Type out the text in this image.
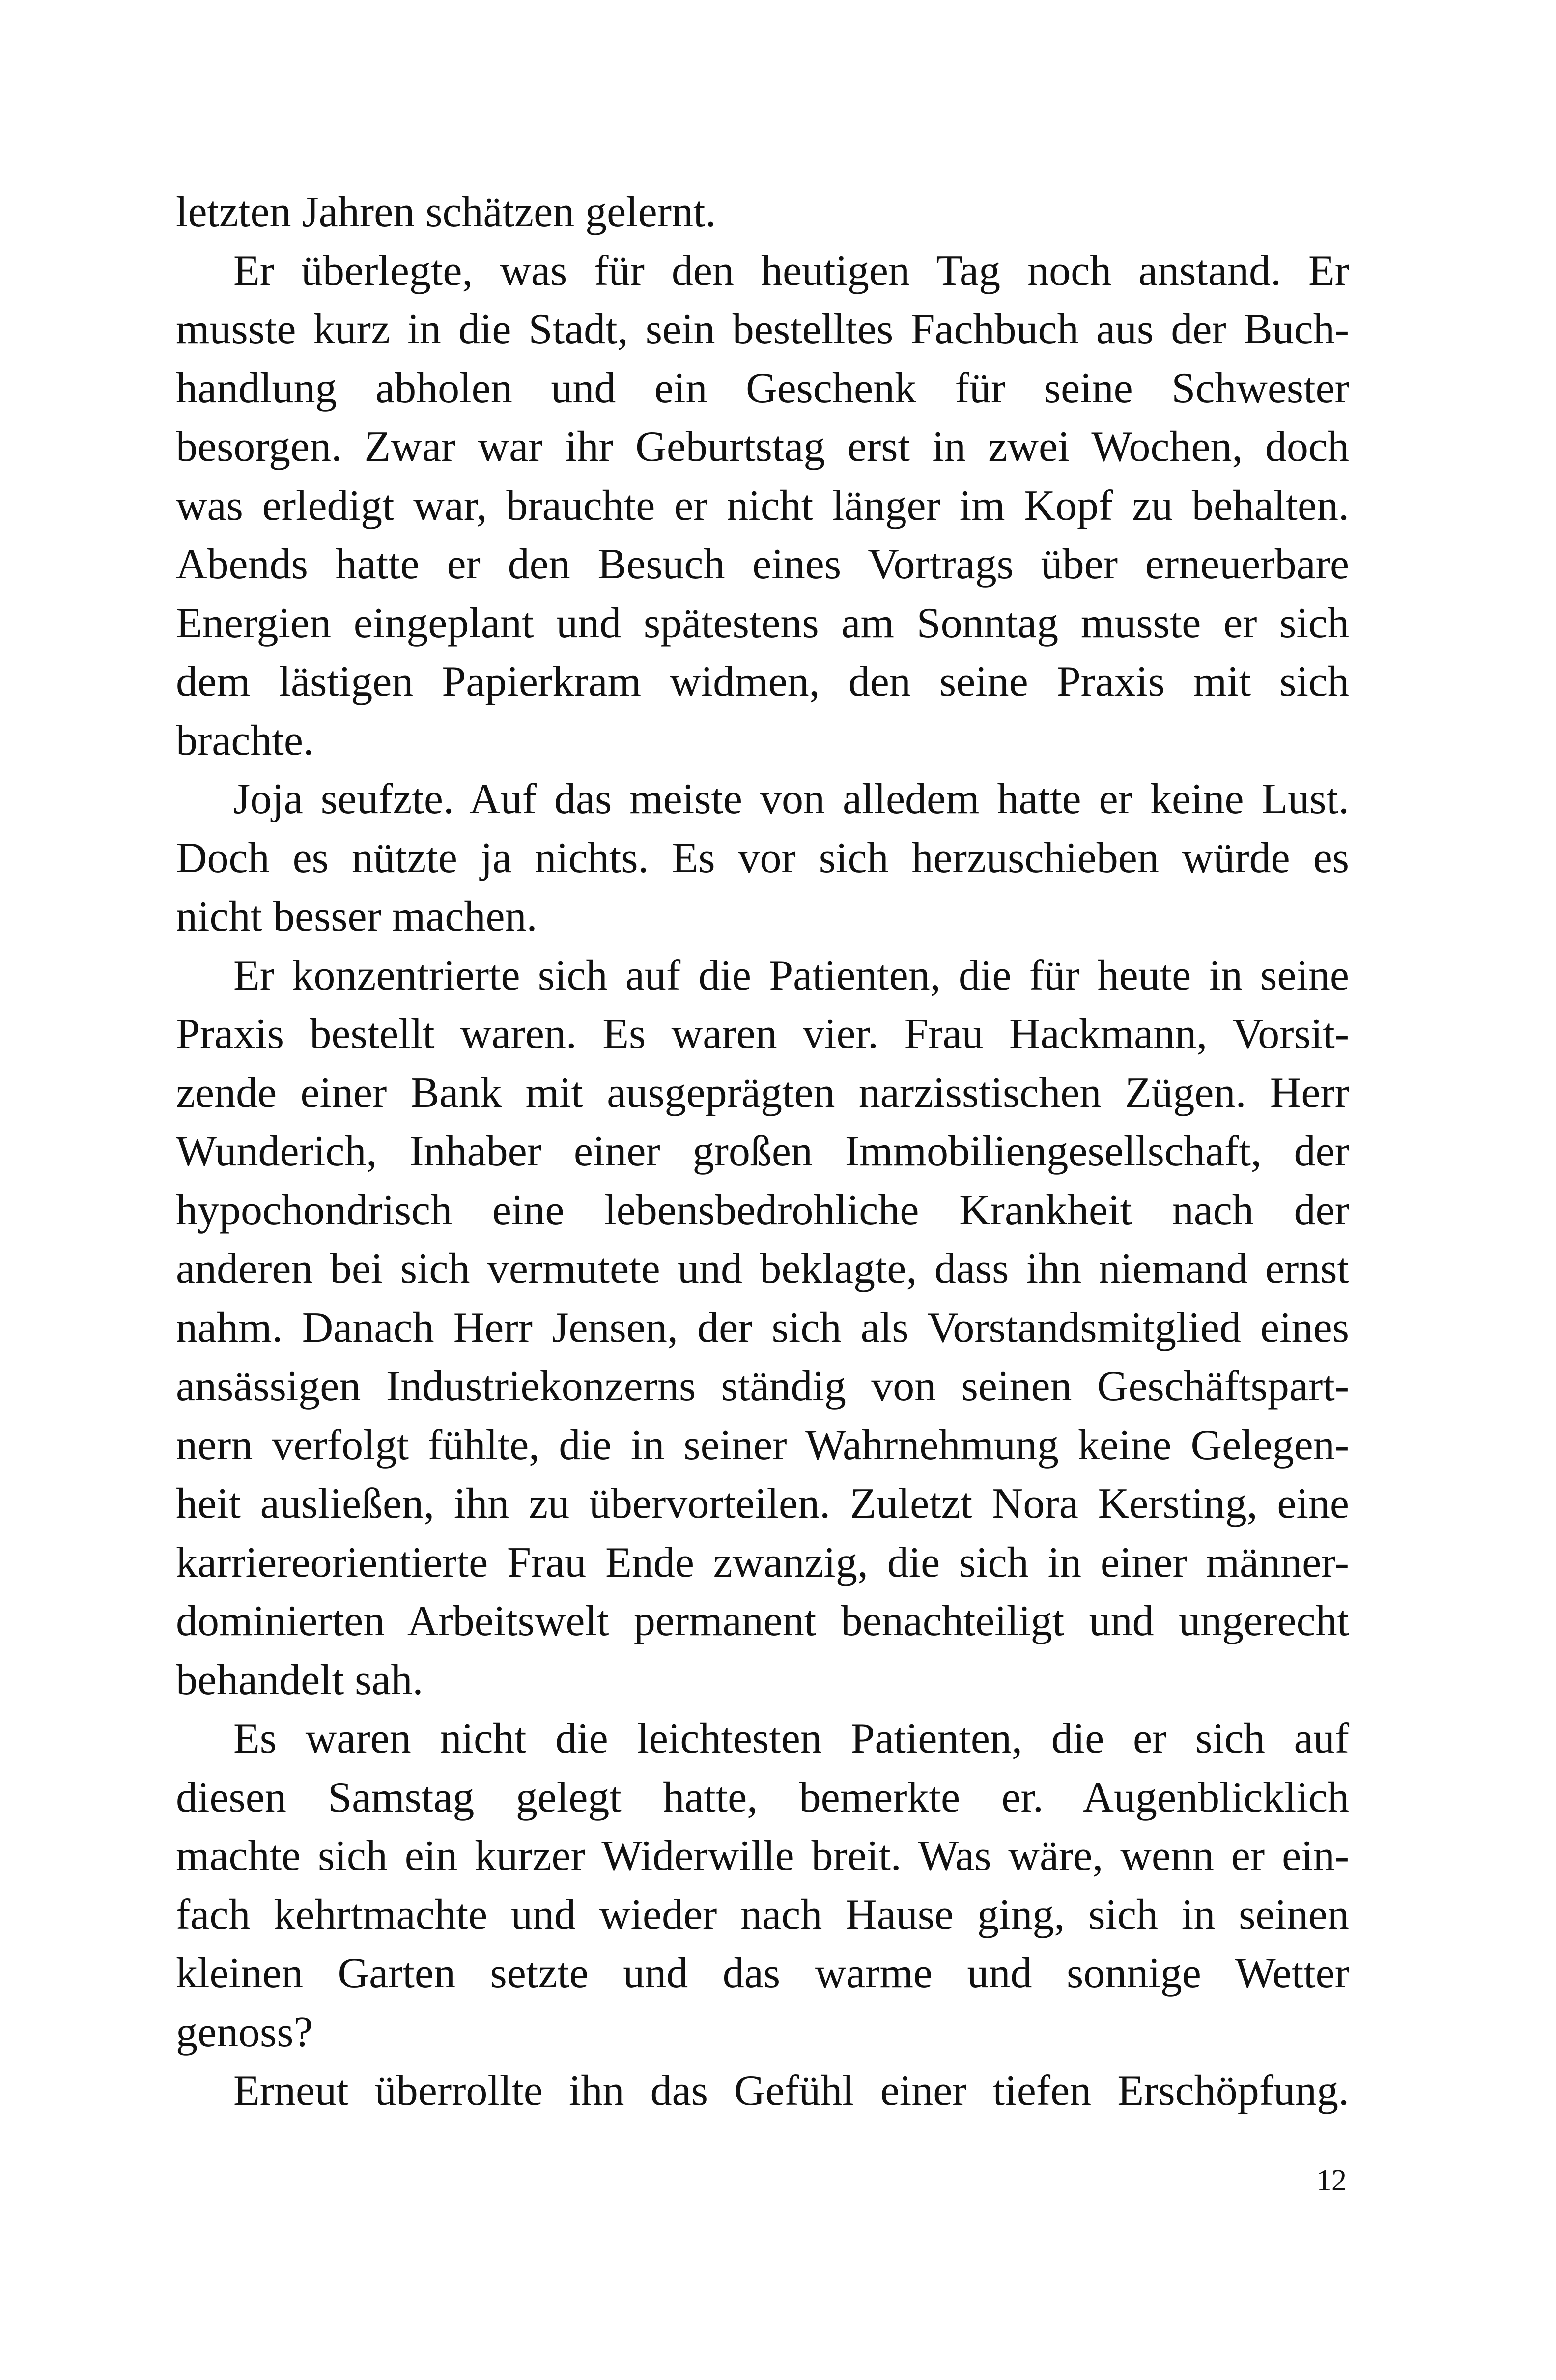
letzten Jahren schätzen gelernt.
Er überlegte, was für den heutigen Tag noch anstand. Er
musste kurz in die Stadt, sein bestelltes Fachbuch aus der Buch-
handlung abholen und ein Geschenk für seine Schwester
besorgen. Zwar war ihr Geburtstag erst in zwei Wochen, doch
was erledigt war, brauchte er nicht länger im Kopf zu behalten.
Abends hatte er den Besuch eines Vortrags über erneuerbare
Energien eingeplant und spätestens am Sonntag musste er sich
dem lästigen Papierkram widmen, den seine Praxis mit sich
brachte.
Joja seufzte. Auf das meiste von alledem hatte er keine Lust.
Doch es nützte ja nichts. Es vor sich herzuschieben würde es
nicht besser machen.
Er konzentrierte sich auf die Patienten, die für heute in seine
Praxis bestellt waren. Es waren vier. Frau Hackmann, Vorsit-
zende einer Bank mit ausgeprägten narzisstischen Zügen. Herr
Wunderich, Inhaber einer großen Immobiliengesellschaft, der
hypochondrisch eine lebensbedrohliche Krankheit nach der
anderen bei sich vermutete und beklagte, dass ihn niemand ernst
nahm. Danach Herr Jensen, der sich als Vorstandsmitglied eines
ansässigen Industriekonzerns ständig von seinen Geschäftspart-
nern verfolgt fühlte, die in seiner Wahrnehmung keine Gelegen-
heit ausließen, ihn zu übervorteilen. Zuletzt Nora Kersting, eine
karriereorientierte Frau Ende zwanzig, die sich in einer männer-
dominierten Arbeitswelt permanent benachteiligt und ungerecht
behandelt sah.
Es waren nicht die leichtesten Patienten, die er sich auf
diesen Samstag gelegt hatte, bemerkte er. Augenblicklich
machte sich ein kurzer Widerwille breit. Was wäre, wenn er ein-
fach kehrtmachte und wieder nach Hause ging, sich in seinen
kleinen Garten setzte und das warme und sonnige Wetter
genoss?
Erneut überrollte ihn das Gefühl einer tiefen Erschöpfung.
12
